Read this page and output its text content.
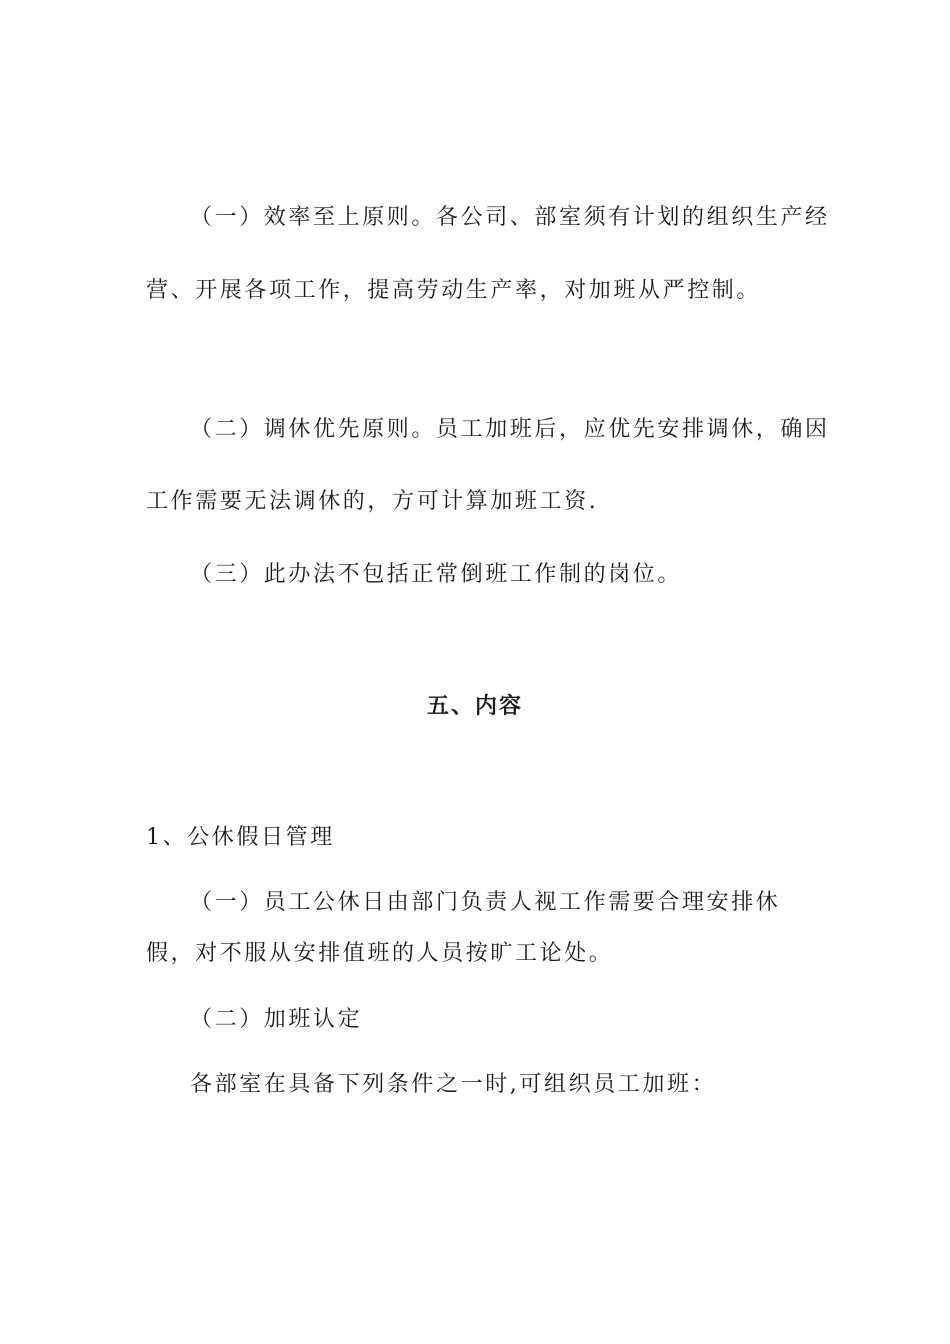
（一）效率至上原则。各公司、部室须有计划的组织生产经
营、开展各项工作，提高劳动生产率，对加班从严控制。
（二）调休优先原则。员工加班后，应优先安排调休，确因
工作需要无法调休的，方可计算加班工资.
（三）此办法不包括正常倒班工作制的岗位。
五、内容
1、公休假日管理
（一）员工公休日由部门负责人视工作需要合理安排休
假，对不服从安排值班的人员按旷工论处。
（二）加班认定
各部室在具备下列条件之一时,可组织员工加班：
